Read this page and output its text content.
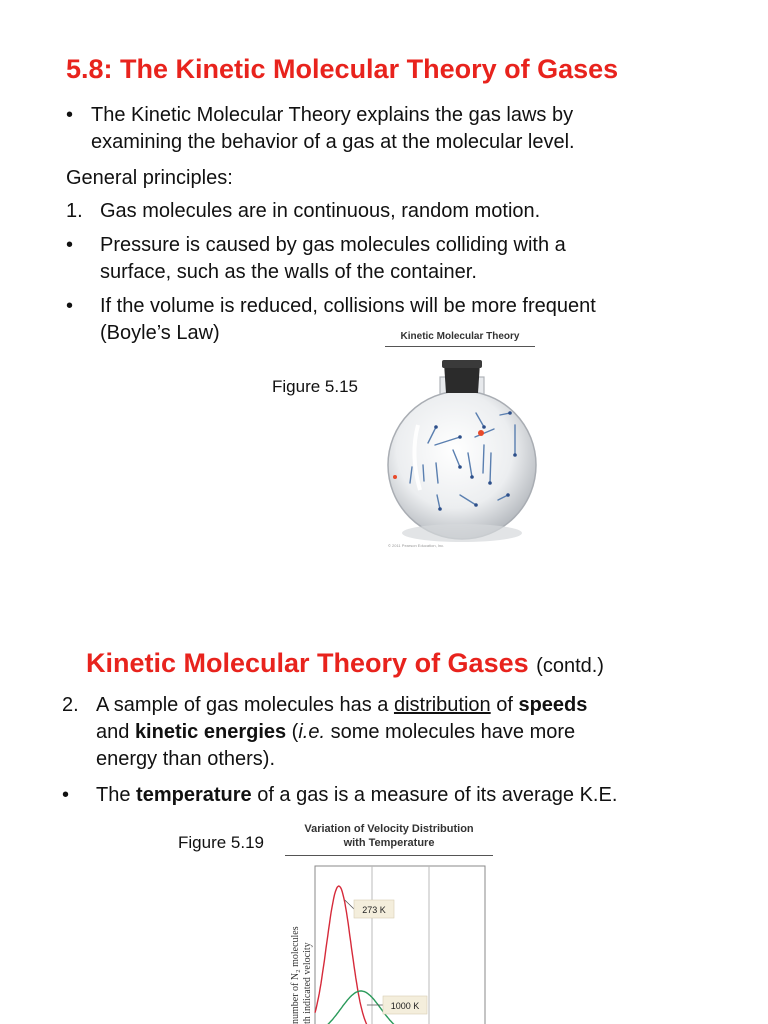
5.8: The Kinetic Molecular Theory of Gases
• The Kinetic Molecular Theory explains the gas laws by
examining the behavior of a gas at the molecular level.
General principles:
1. Gas molecules are in continuous, random motion.
• Pressure is caused by gas molecules colliding with a
surface, such as the walls of the container.
• If the volume is reduced, collisions will be more frequent
(Boyle’s Law)
Figure 5.15
Kinetic Molecular Theory
© 2011 Pearson Education, Inc.
Kinetic Molecular Theory of Gases (contd.)
2. A sample of gas molecules has a distribution of speeds
and kinetic energies (i.e. some molecules have more
energy than others).
• The temperature of a gas is a measure of its average K.E.
Figure 5.19
Variation of Velocity Distribution
with Temperature
number of N₂ molecules th indicated velocity
273 K
1000 K
